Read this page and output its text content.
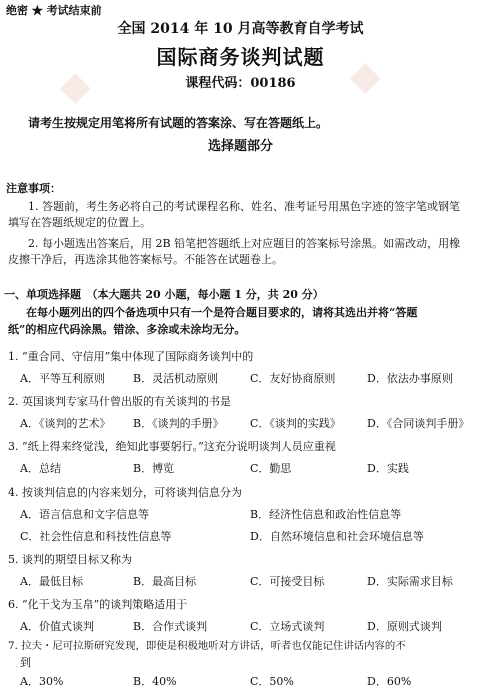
◆
◆
绝密 ★ 考试结束前
全国 2014 年 10 月高等教育自学考试
国际商务谈判试题
课程代码：00186
请考生按规定用笔将所有试题的答案涂、写在答题纸上。
选择题部分
注意事项：
1. 答题前，考生务必将自己的考试课程名称、姓名、准考证号用黑色字迹的签字笔或钢笔
填写在答题纸规定的位置上。
2. 每小题选出答案后，用 2B 铅笔把答题纸上对应题目的答案标号涂黑。如需改动，用橡
皮擦干净后，再选涂其他答案标号。不能答在试题卷上。
一、单项选择题　（本大题共 20 小题，每小题 1 分，共 20 分）
在每小题列出的四个备选项中只有一个是符合题目要求的，请将其选出并将“答题
纸”的相应代码涂黑。错涂、多涂或未涂均无分。
1. “重合同、守信用”集中体现了国际商务谈判中的
A．平等互利原则	B．灵活机动原则	C．友好协商原则	D．依法办事原则
2. 英国谈判专家马什曾出版的有关谈判的书是
A．《谈判的艺术》 B．《谈判的手册》 C．《谈判的实践》 D．《合同谈判手册》
3. “纸上得来终觉浅，绝知此事要躬行。”这充分说明谈判人员应重视
A．总结	B．博览	C．勤思	D．实践
4. 按谈判信息的内容来划分，可将谈判信息分为
A．语言信息和文字信息等	B．经济性信息和政治性信息等
C．社会性信息和科技性信息等	D．自然环境信息和社会环境信息等
5. 谈判的期望目标又称为
A．最低目标	B．最高目标	C．可接受目标	D．实际需求目标
6. “化干戈为玉帛”的谈判策略适用于
A．价值式谈判	B．合作式谈判	C．立场式谈判	D．原则式谈判
7. 拉夫・尼可拉斯研究发现，即使是积极地听对方讲话，听者也仅能记住讲话内容的不
到
A．30%	B．40%	C．50%	D．60%
